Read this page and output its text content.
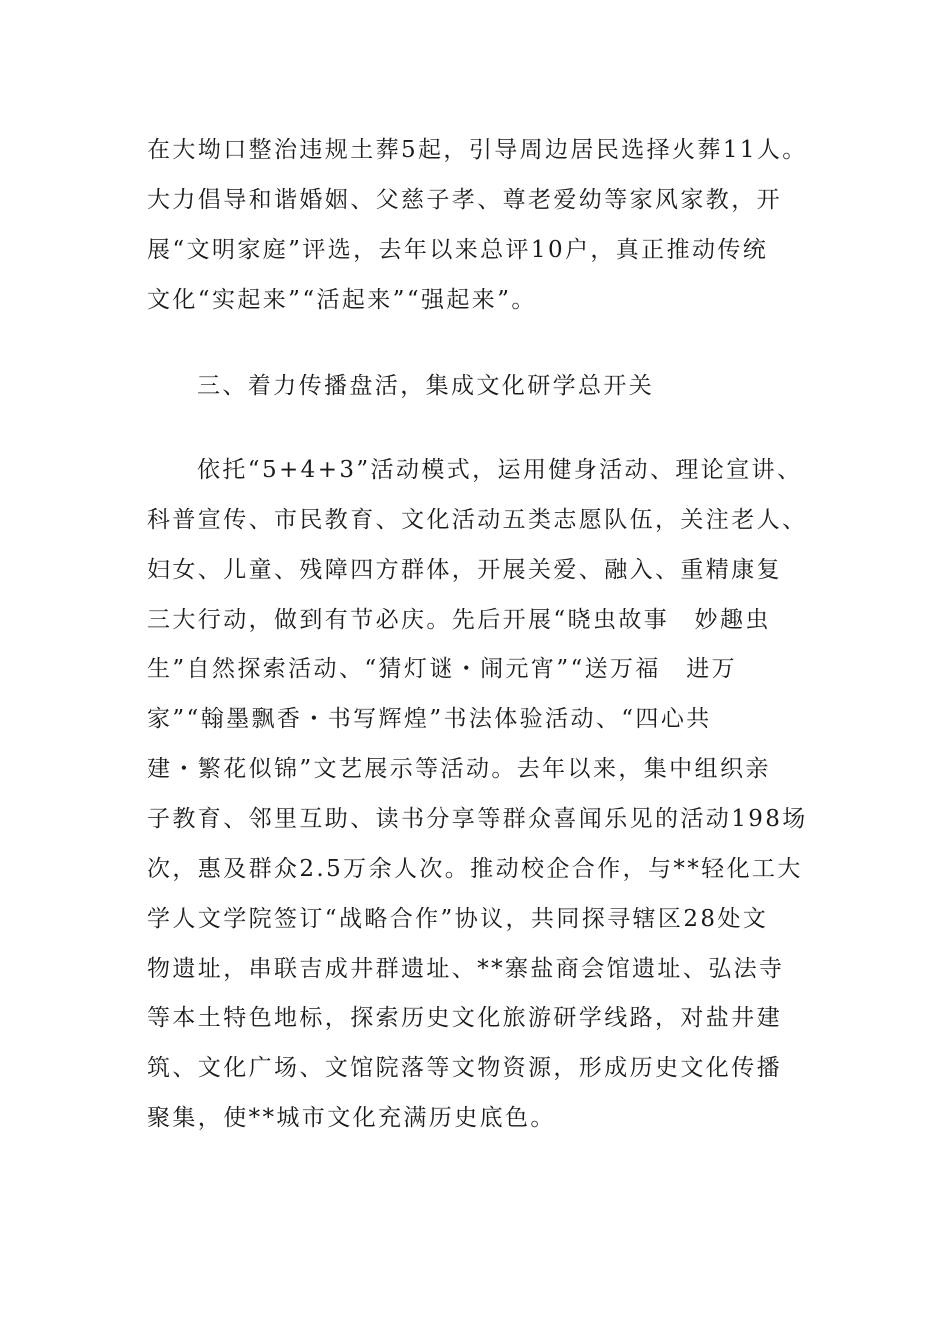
在大坳口整治违规土葬5起，引导周边居民选择火葬11人。
大力倡导和谐婚姻、父慈子孝、尊老爱幼等家风家教，开
展“文明家庭”评选，去年以来总评10户，真正推动传统
文化“实起来”“活起来”“强起来”。
三、着力传播盘活，集成文化研学总开关
依托“5+4+3”活动模式，运用健身活动、理论宣讲、
科普宣传、市民教育、文化活动五类志愿队伍，关注老人、
妇女、儿童、残障四方群体，开展关爱、融入、重精康复
三大行动，做到有节必庆。先后开展“晓虫故事　妙趣虫
生”自然探索活动、“猜灯谜・闹元宵”“送万福　进万
家”“翰墨飘香・书写辉煌”书法体验活动、“四心共
建・繁花似锦”文艺展示等活动。去年以来，集中组织亲
子教育、邻里互助、读书分享等群众喜闻乐见的活动198场
次，惠及群众2.5万余人次。推动校企合作，与**轻化工大
学人文学院签订“战略合作”协议，共同探寻辖区28处文
物遗址，串联吉成井群遗址、**寨盐商会馆遗址、弘法寺
等本土特色地标，探索历史文化旅游研学线路，对盐井建
筑、文化广场、文馆院落等文物资源，形成历史文化传播
聚集，使**城市文化充满历史底色。
